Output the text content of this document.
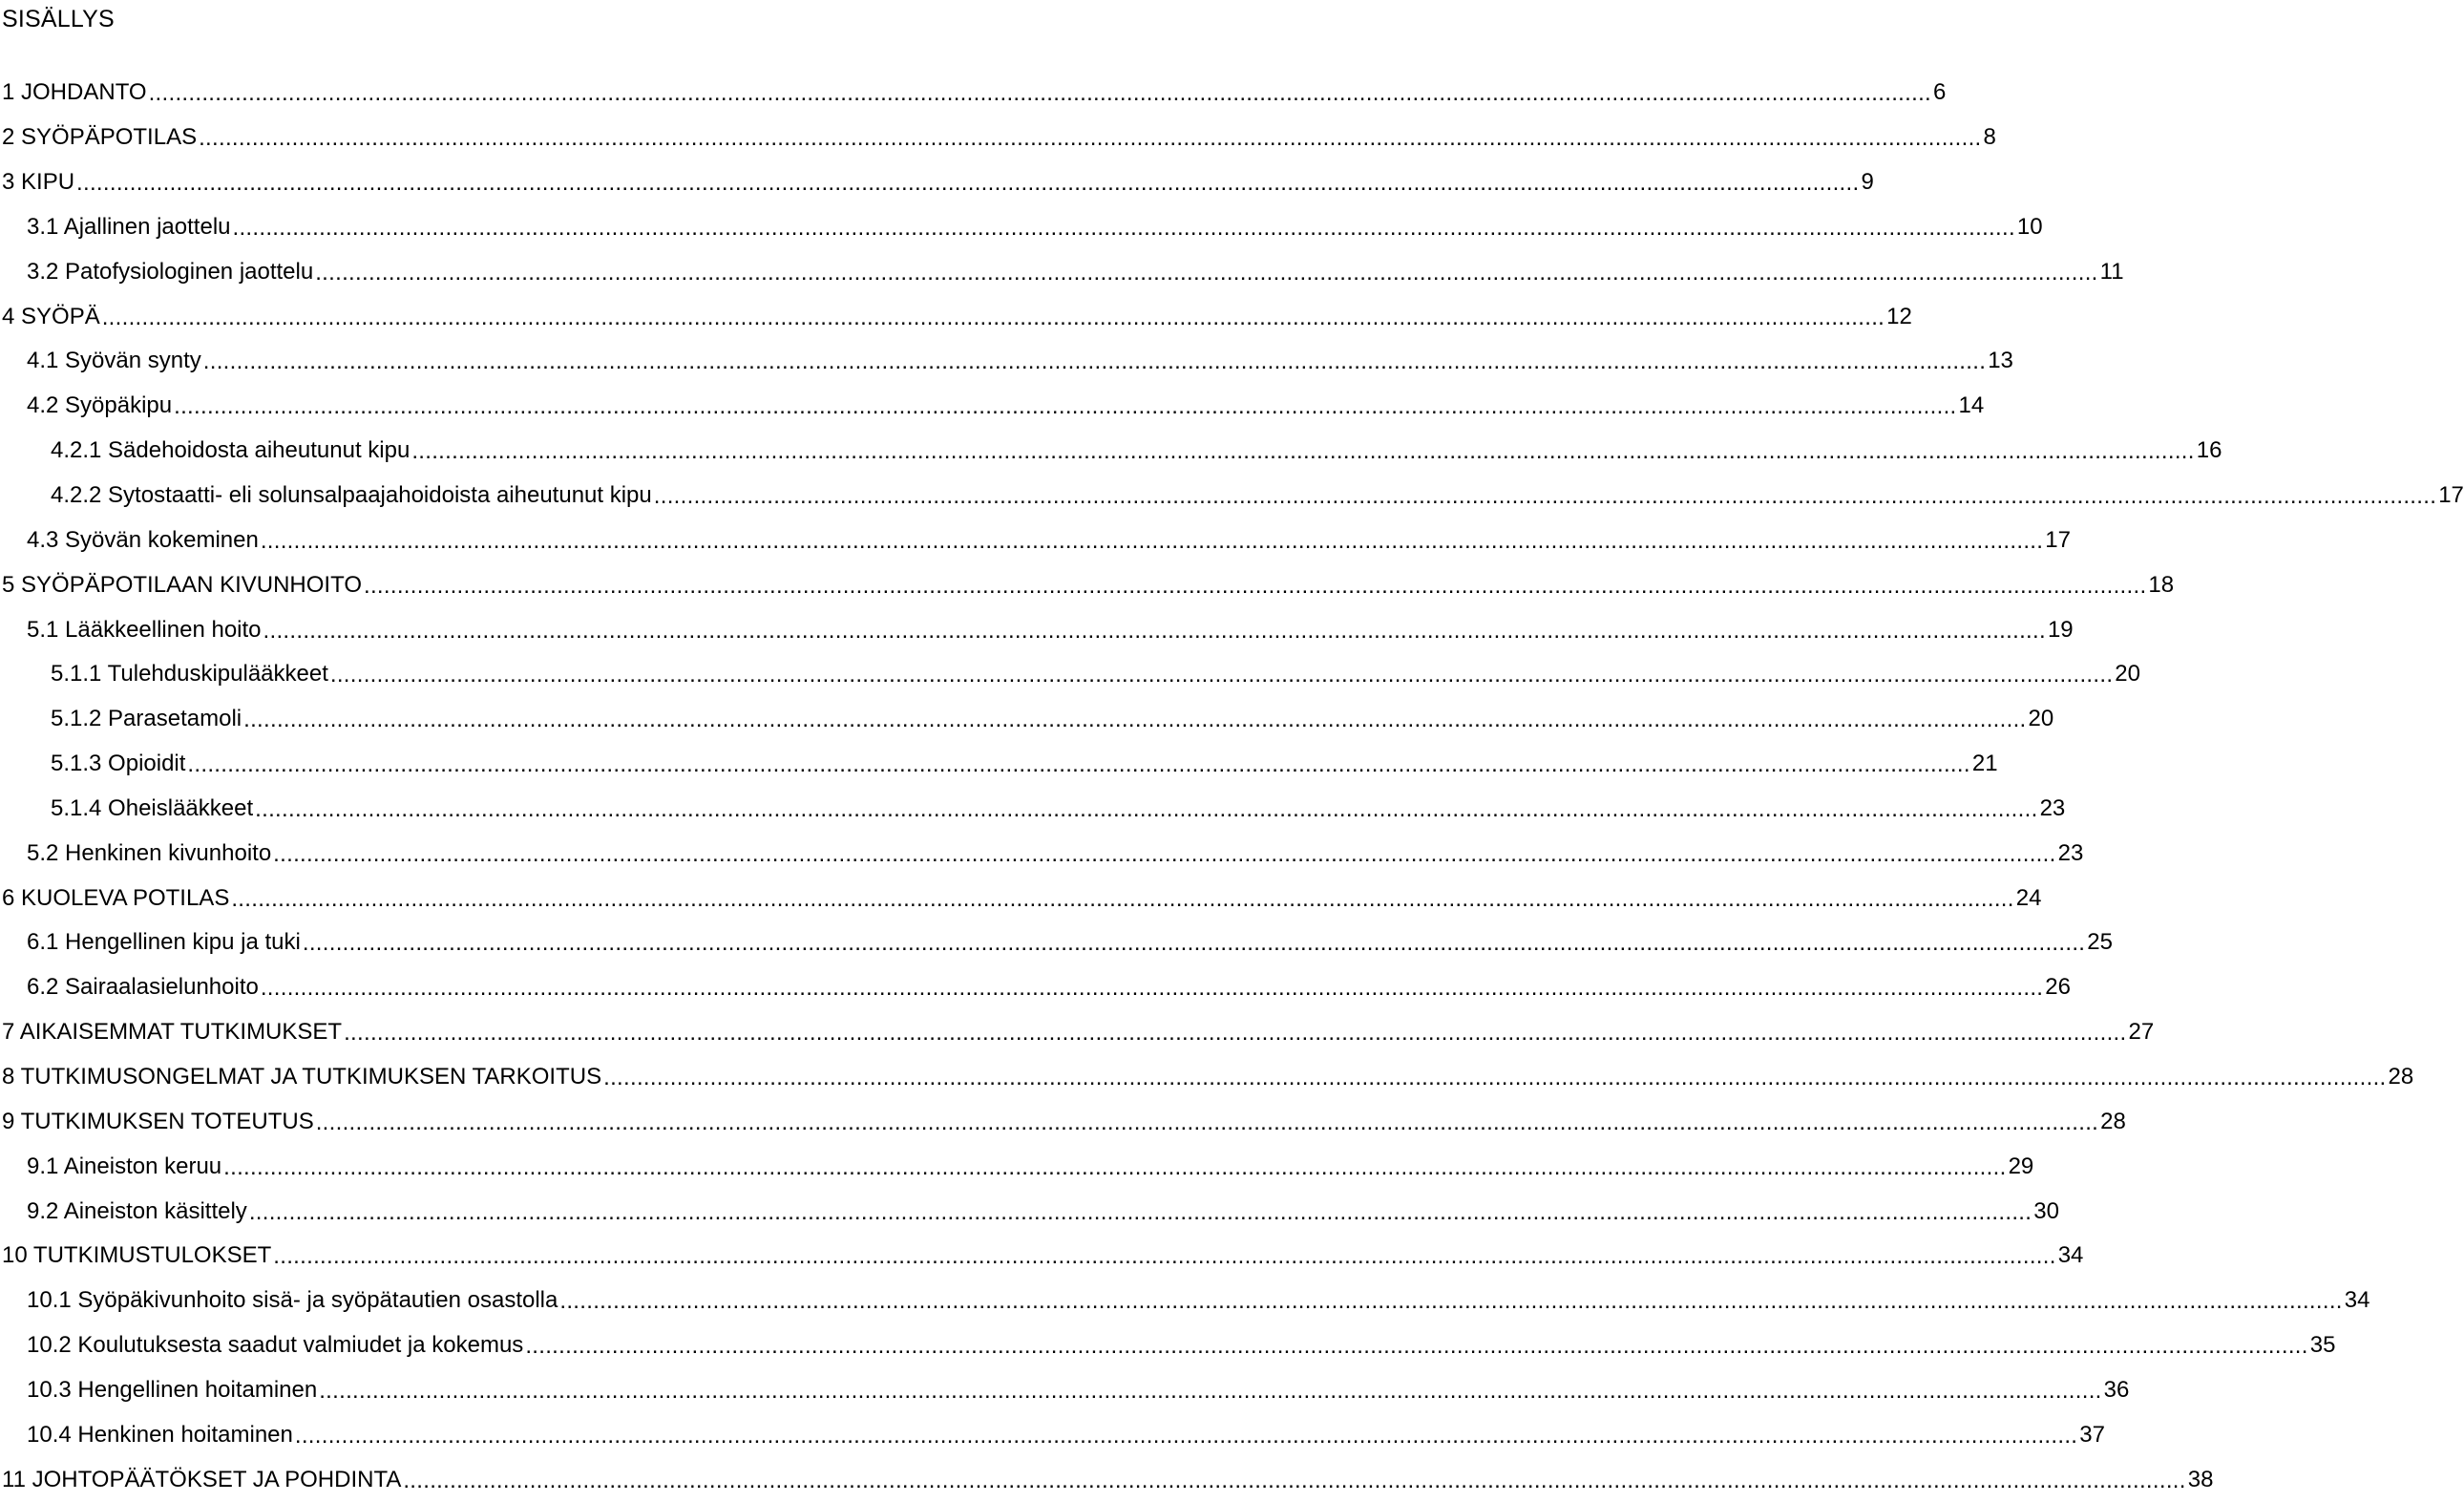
SISÄLLYS
1 JOHDANTO .....	6
2 SYÖPÄPOTILAS .....	8
3 KIPU .....	9
3.1 Ajallinen jaottelu .....	10
3.2 Patofysiologinen jaottelu .....	11
4 SYÖPÄ .....	12
4.1 Syövän synty .....	13
4.2 Syöpäkipu .....	14
4.2.1 Sädehoidosta aiheutunut kipu .....	16
4.2.2 Sytostaatti- eli solunsalpaajahoidoista aiheutunut kipu .....	17
4.3 Syövän kokeminen .....	17
5 SYÖPÄPOTILAAN KIVUNHOITO .....	18
5.1 Lääkkeellinen hoito .....	19
5.1.1 Tulehduskipulääkkeet .....	20
5.1.2 Parasetamoli .....	20
5.1.3 Opioidit .....	21
5.1.4 Oheislääkkeet .....	23
5.2 Henkinen kivunhoito .....	23
6 KUOLEVA POTILAS .....	24
6.1 Hengellinen kipu ja tuki .....	25
6.2 Sairaalasielunhoito .....	26
7 AIKAISEMMAT TUTKIMUKSET .....	27
8 TUTKIMUSONGELMAT JA TUTKIMUKSEN TARKOITUS .....	28
9 TUTKIMUKSEN TOTEUTUS .....	28
9.1 Aineiston keruu .....	29
9.2 Aineiston käsittely .....	30
10 TUTKIMUSTULOKSET .....	34
10.1 Syöpäkivunhoito sisä- ja syöpätautien osastolla .....	34
10.2 Koulutuksesta saadut valmiudet ja kokemus .....	35
10.3 Hengellinen hoitaminen .....	36
10.4 Henkinen hoitaminen .....	37
11 JOHTOPÄÄTÖKSET JA POHDINTA .....	38
